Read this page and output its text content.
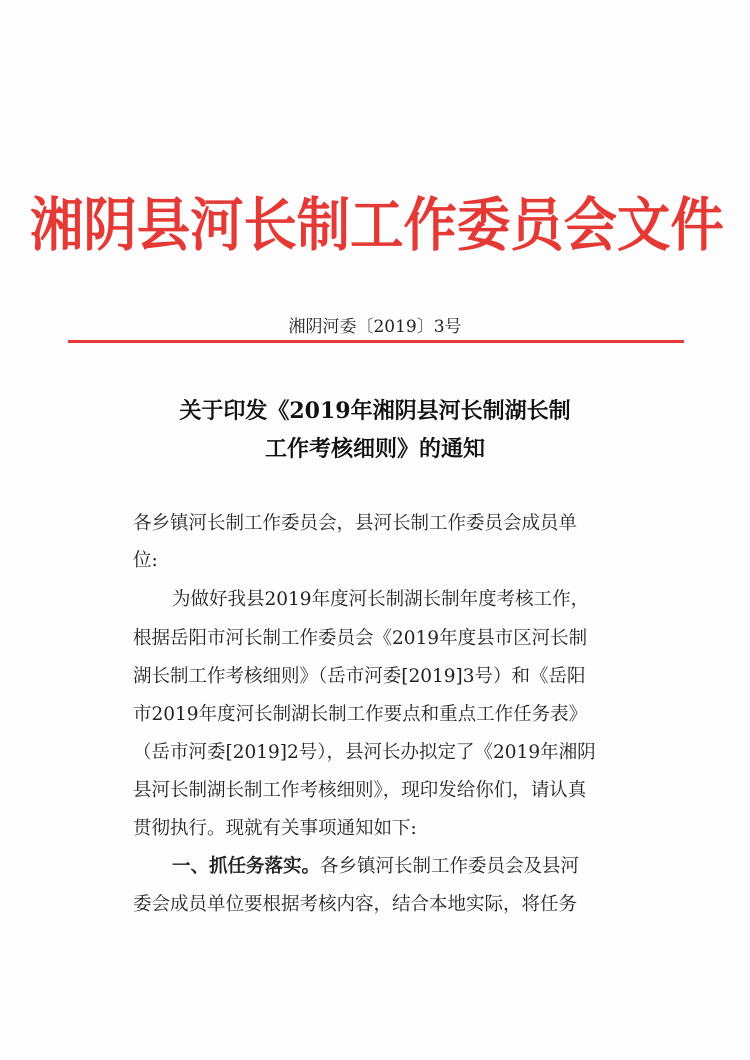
湘阴县河长制工作委员会文件
湘阴河委〔2019〕3号
关于印发《2019年湘阴县河长制湖长制
工作考核细则》的通知
各乡镇河长制工作委员会，县河长制工作委员会成员单
位:
为做好我县2019年度河长制湖长制年度考核工作，
根据岳阳市河长制工作委员会《2019年度县市区河长制
湖长制工作考核细则》（岳市河委[2019]3号）和《岳阳
市2019年度河长制湖长制工作要点和重点工作任务表》
（岳市河委[2019]2号），县河长办拟定了《2019年湘阴
县河长制湖长制工作考核细则》，现印发给你们，请认真
贯彻执行。现就有关事项通知如下:
一、抓任务落实。各乡镇河长制工作委员会及县河
委会成员单位要根据考核内容，结合本地实际，将任务
